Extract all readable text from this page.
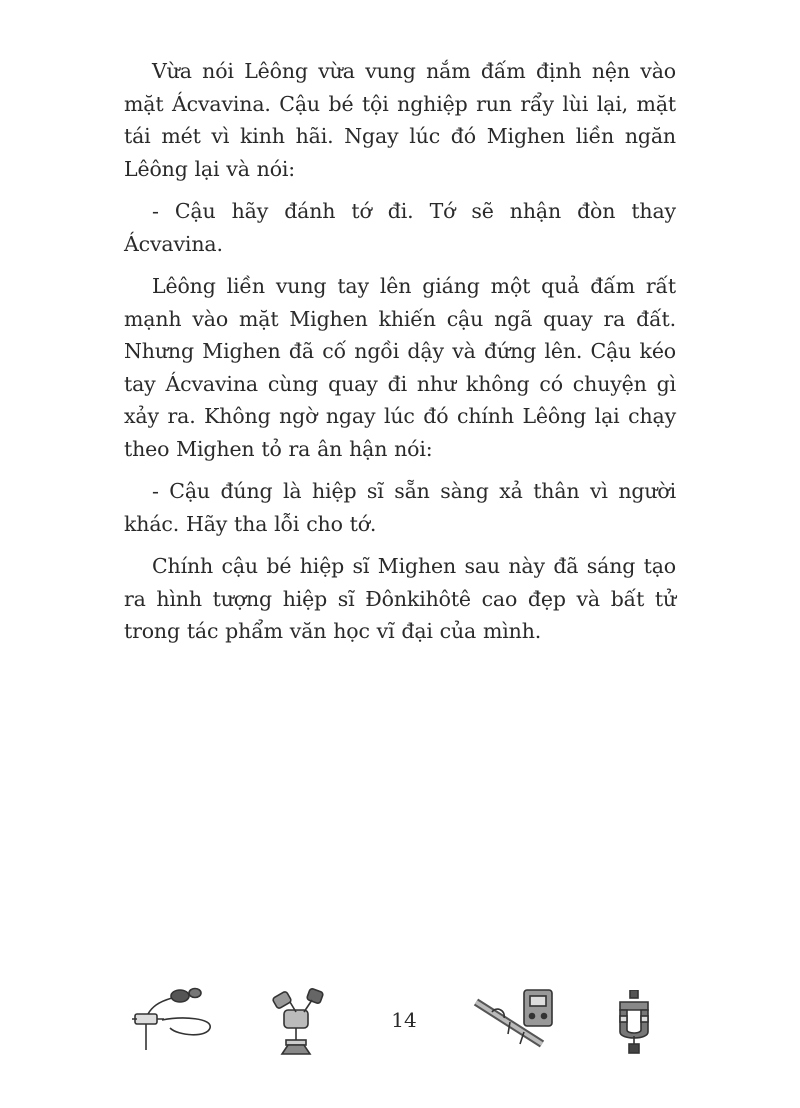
Vừa nói Lêông vừa vung nắm đấm định nện vào mặt Ácvavina. Cậu bé tội nghiệp run rẩy lùi lại, mặt tái mét vì kinh hãi. Ngay lúc đó Mighen liền ngăn Lêông lại và nói:

- Cậu hãy đánh tớ đi. Tớ sẽ nhận đòn thay Ácvavina.

Lêông liền vung tay lên giáng một quả đấm rất mạnh vào mặt Mighen khiến cậu ngã quay ra đất. Nhưng Mighen đã cố ngồi dậy và đứng lên. Cậu kéo tay Ácvavina cùng quay đi như không có chuyện gì xảy ra. Không ngờ ngay lúc đó chính Lêông lại chạy theo Mighen tỏ ra ân hận nói:

- Cậu đúng là hiệp sĩ sẵn sàng xả thân vì người khác. Hãy tha lỗi cho tớ.

Chính cậu bé hiệp sĩ Mighen sau này đã sáng tạo ra hình tượng hiệp sĩ Đônkihôtê cao đẹp và bất tử trong tác phẩm văn học vĩ đại của mình.

14
